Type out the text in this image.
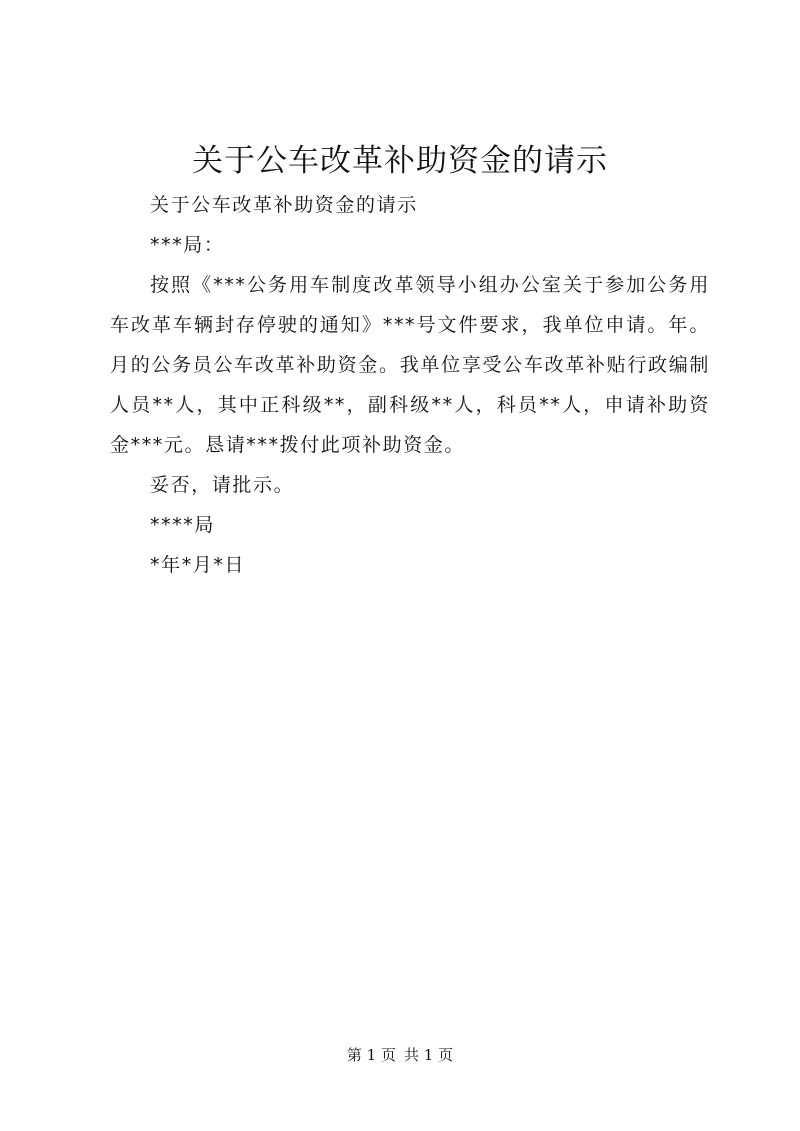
关于公车改革补助资金的请示

关于公车改革补助资金的请示

***局：

按照《***公务用车制度改革领导小组办公室关于参加公务用车改革车辆封存停驶的通知》***号文件要求，我单位申请。年。月的公务员公车改革补助资金。我单位享受公车改革补贴行政编制人员**人，其中正科级**，副科级**人，科员**人，申请补助资金***元。恳请***拨付此项补助资金。

妥否，请批示。

****局

*年*月*日

第 1 页 共 1 页
